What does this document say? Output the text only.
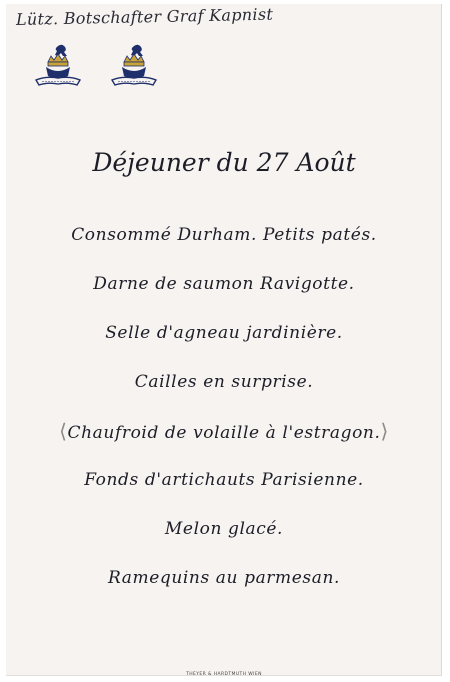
Lütz. Botschafter Graf Kapnist
Déjeuner du 27 Août
Consommé Durham. Petits patés.
Darne de saumon Ravigotte.
Selle d'agneau jardinière.
Cailles en surprise.
⟨Chaufroid de volaille à l'estragon.⟩
Fonds d'artichauts Parisienne.
Melon glacé.
Ramequins au parmesan.
THEYER & HARDTMUTH WIEN
